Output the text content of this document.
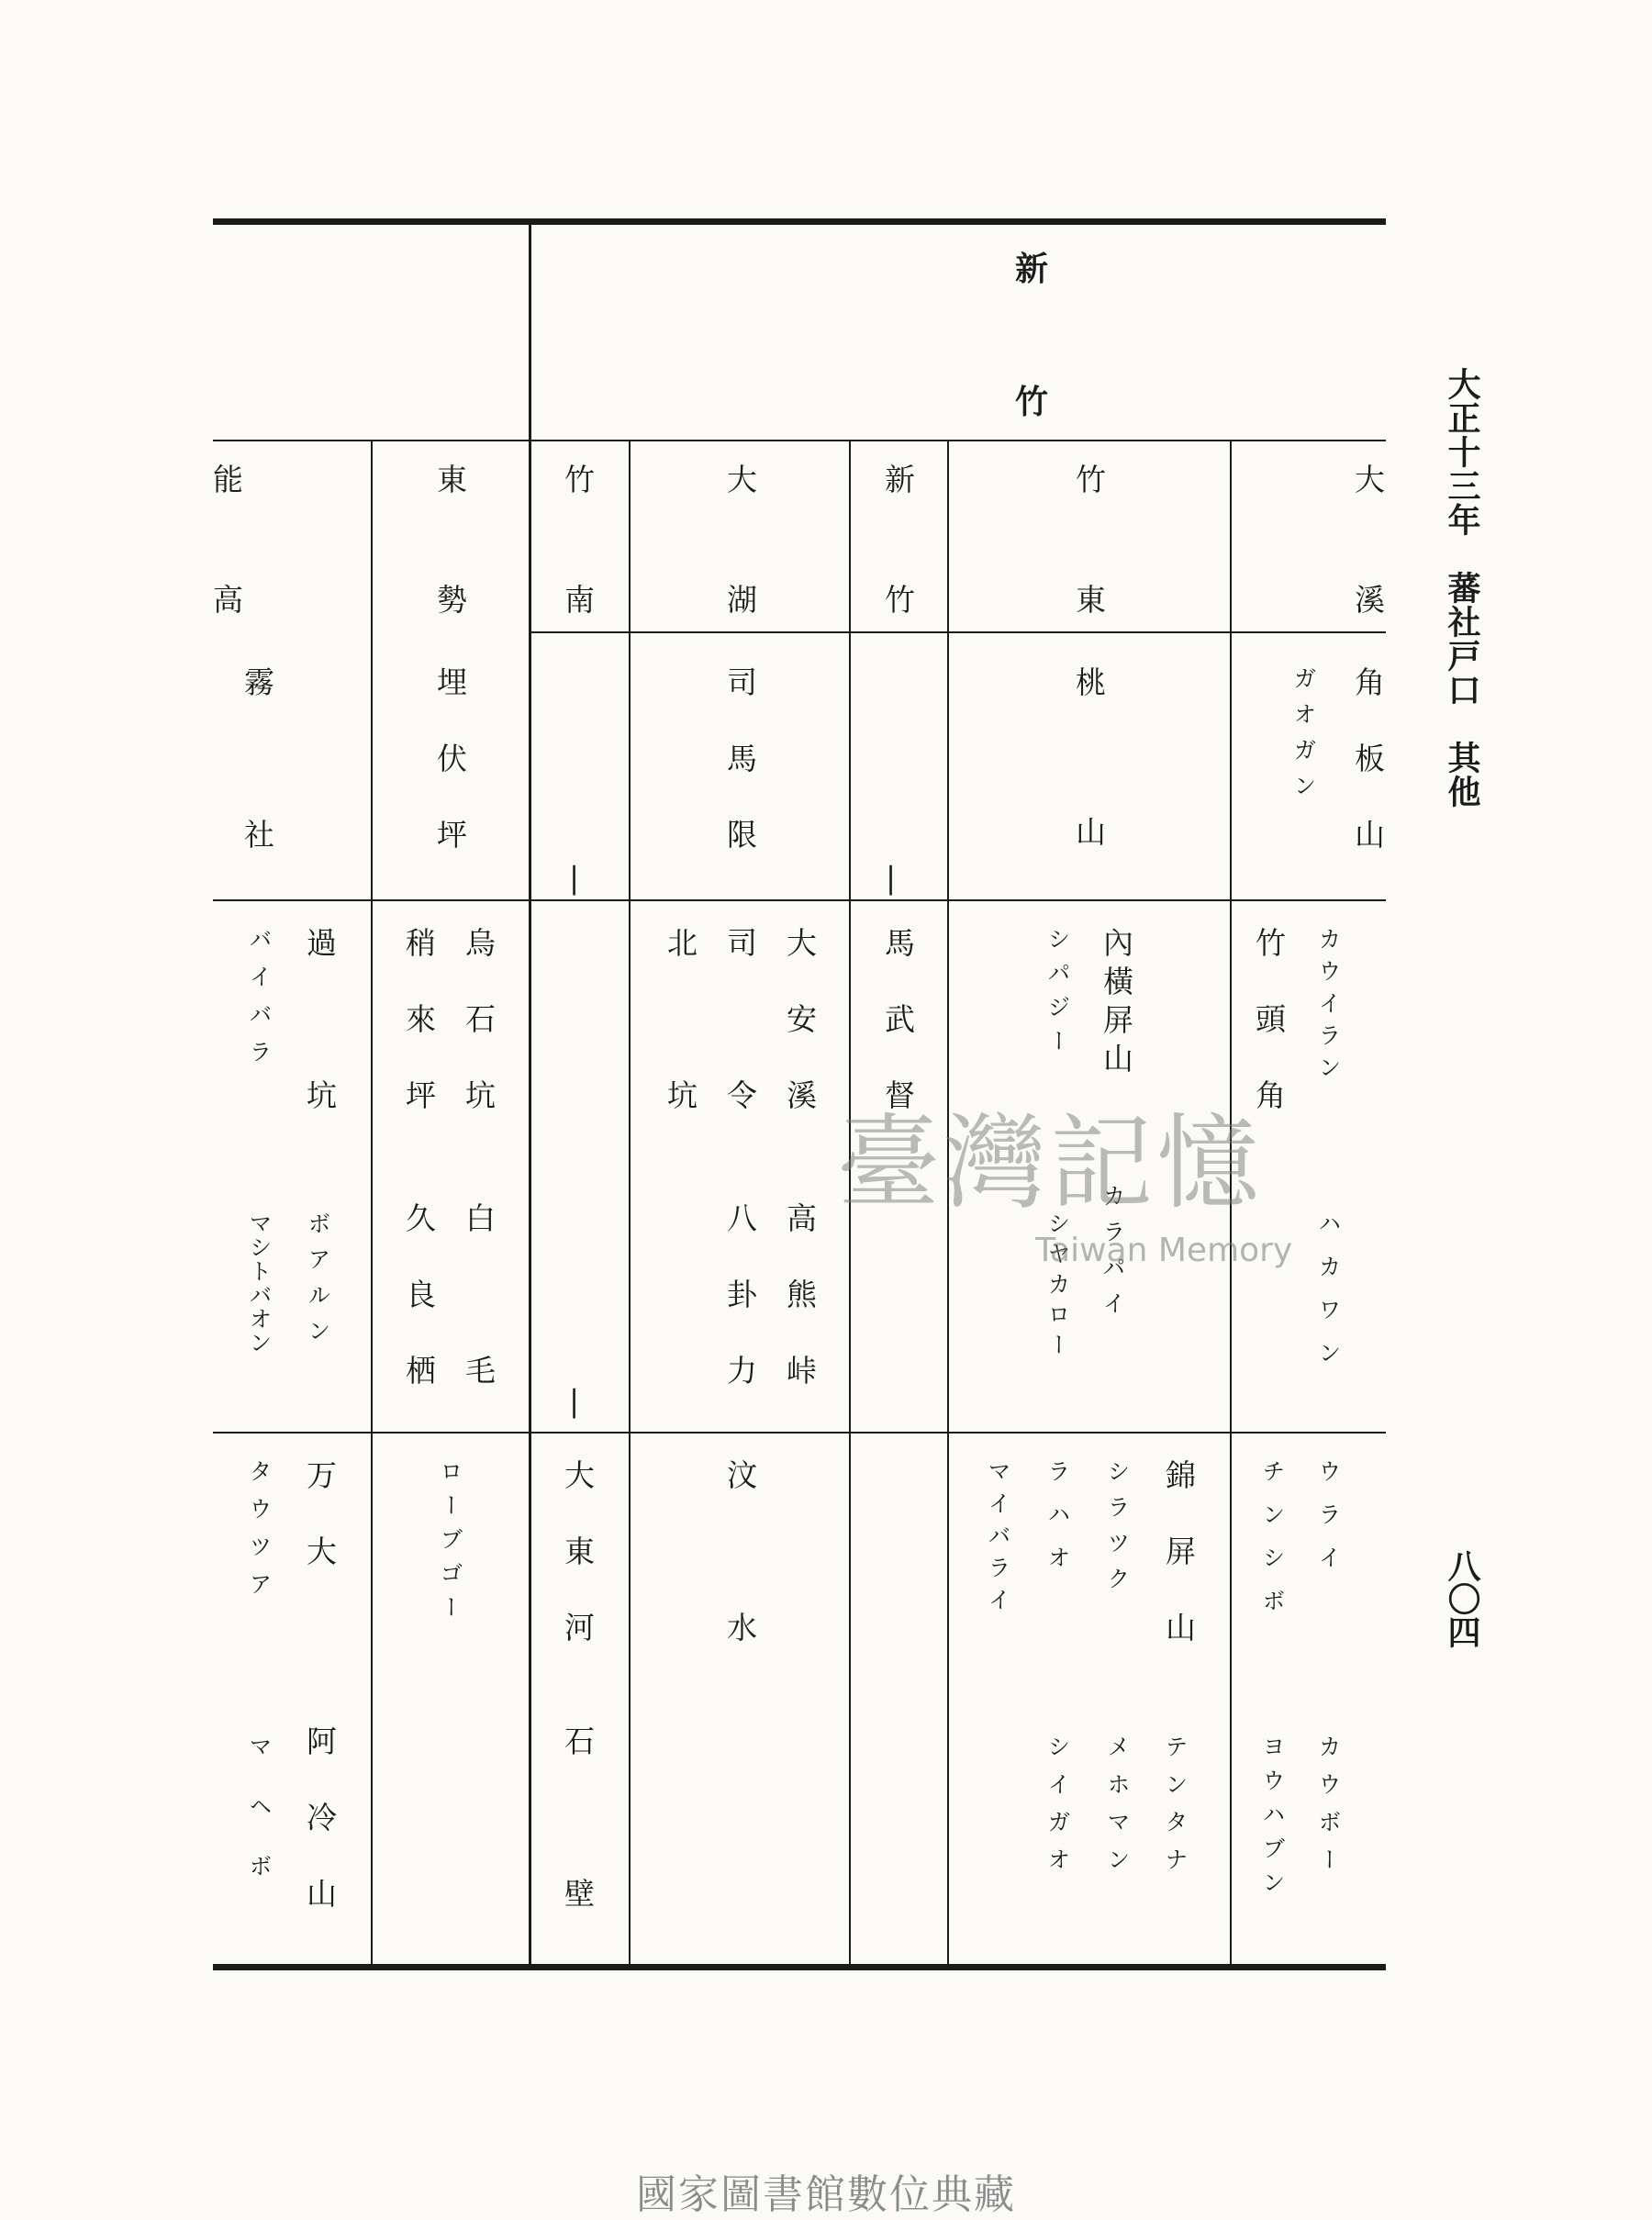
新
竹	大正十三年　蕃社戸口　其他
八〇四
大溪
角板山
ガオガン
カウイラン
竹頭角
ハカワン
ウライ
チンシボ
カウボー
ヨウハブン
竹東
桃山
內橫屏山
シパジー
カラパイ
シヤカロー
錦屏山
シラツク
ラハオ
マイバライ
テンタナ
メホマン
シイガオ
新竹
|
馬武督
大湖
司馬限
大安溪
司令
北坑
高熊峠
八卦力
汶水
竹南
|
|
大東河
石壁
東勢
埋伏坪
烏石坑
稍來坪
白毛
久良栖
ローブゴー
能高
霧社
過坑
バイバラ
ボアルン
マシトバオン
万大
タウツア
阿冷山
マヘボ
臺灣記憶
Taiwan Memory
國家圖書館數位典藏
